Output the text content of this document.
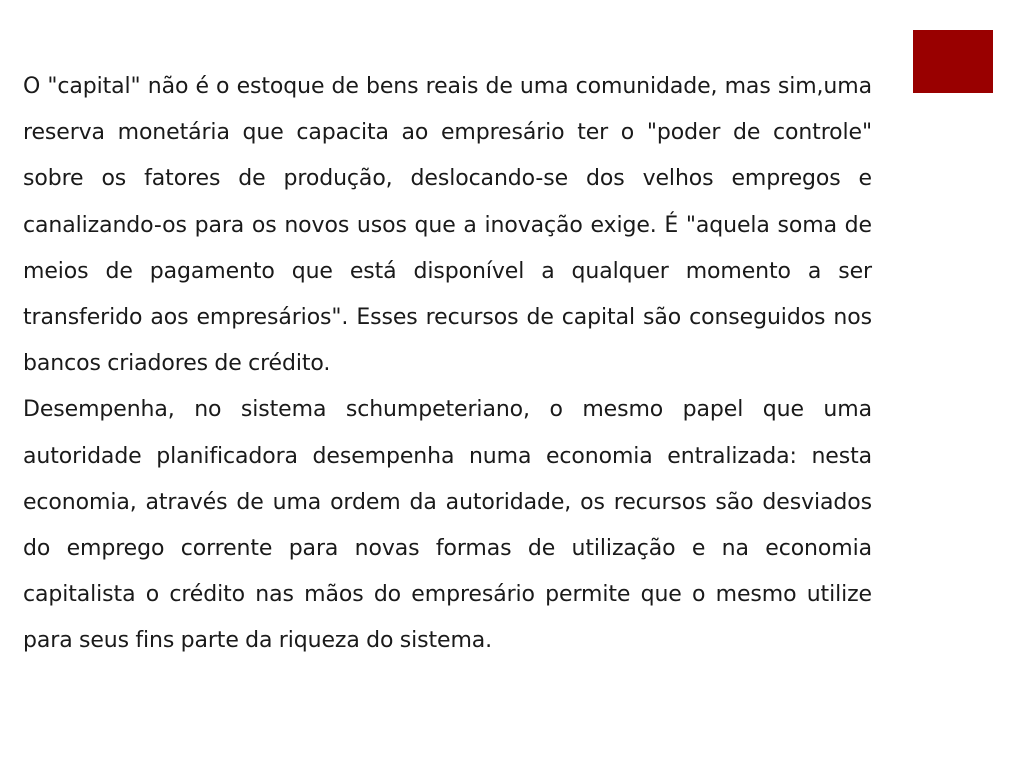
O "capital" não é o estoque de bens reais de uma comunidade, mas sim,uma reserva monetária que capacita ao empresário ter o "poder de controle" sobre os fatores de produção, deslocando-se dos velhos empregos e canalizando-os para os novos usos que a inovação exige. É "aquela soma de meios de pagamento que está disponível a qualquer momento a ser transferido aos empresários". Esses recursos de capital são conseguidos nos bancos criadores de crédito.

Desempenha, no sistema schumpeteriano, o mesmo papel que uma autoridade planificadora desempenha numa economia entralizada: nesta economia, através de uma ordem da autoridade, os recursos são desviados do emprego corrente para novas formas de utilização e na economia capitalista o crédito nas mãos do empresário permite que o mesmo utilize para seus fins parte da riqueza do sistema.
